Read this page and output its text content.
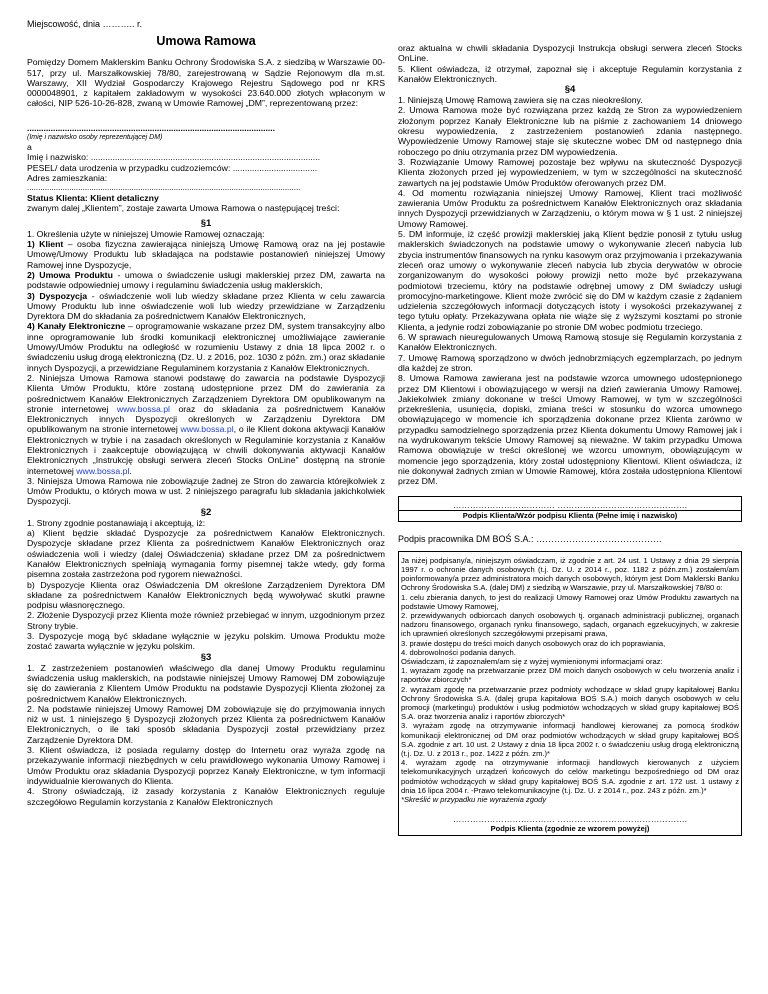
Miejscowość, dnia ……….. r.

Umowa Ramowa

Pomiędzy Domem Maklerskim Banku Ochrony Środowiska S.A. z siedzibą w Warszawie 00-517, przy ul. Marszałkowskiej 78/80, zarejestrowaną w Sądzie Rejonowym dla m.st. Warszawy, XII Wydział Gospodarczy Krajowego Rejestru Sądowego pod nr KRS 0000048901, z kapitałem zakładowym w wysokości 23.640.000 złotych wpłaconym w całości, NIP 526-10-26-828, zwaną w Umowie Ramowej „DM”, reprezentowaną przez:

.........................................................................................................

(Imię i nazwisko osoby reprezentującej DM)

a

Imię i nazwisko: ...............................................................................................

PESEL/ data urodzenia w przypadku cudzoziemców: ...................................

Adres zamieszkania:

...........................................................................................................................

Status Klienta: Klient detaliczny

zwanym dalej „Klientem”, zostaje zawarta Umowa Ramowa o następującej treści:

§1

1. Określenia użyte w niniejszej Umowie Ramowej oznaczają:

1) Klient – osoba fizyczna zawierająca niniejszą Umowę Ramową oraz na jej postawie Umowę/Umowy Produktu lub składająca na podstawie postanowień niniejszej Umowy Ramowej inne Dyspozycje,

2) Umowa Produktu - umowa o świadczenie usługi maklerskiej przez DM, zawarta na podstawie odpowiedniej umowy i regulaminu świadczenia usług maklerskich,

3) Dyspozycja - oświadczenie woli lub wiedzy składane przez Klienta w celu zawarcia Umowy Produktu lub inne oświadczenie woli lub wiedzy przewidziane w Zarządzeniu Dyrektora DM do składania za pośrednictwem Kanałów Elektronicznych,

4) Kanały Elektroniczne – oprogramowanie wskazane przez DM, system transakcyjny albo inne oprogramowanie lub środki komunikacji elektronicznej umożliwiające zawieranie Umowy/Umów Produktu na odległość w rozumieniu Ustawy z dnia 18 lipca 2002 r. o świadczeniu usług drogą elektroniczną (Dz. U. z 2016, poz. 1030 z późn. zm.) oraz składanie innych Dyspozycji, a przewidziane Regulaminem korzystania z Kanałów Elektronicznych.

2. Niniejsza Umowa Ramowa stanowi podstawę do zawarcia na podstawie Dyspozycji Klienta Umów Produktu, które zostaną udostępnione przez DM do zawierania za pośrednictwem Kanałów Elektronicznych Zarządzeniem Dyrektora DM opublikowanym na stronie internetowej www.bossa.pl oraz do składania za pośrednictwem Kanałów Elektronicznych innych Dyspozycji określonych w Zarządzeniu Dyrektora DM opublikowanym na stronie internetowej www.bossa.pl, o ile Klient dokona aktywacji Kanałów Elektronicznych w trybie i na zasadach określonych w Regulaminie korzystania z Kanałów Elektronicznych i zaakceptuje obowiązującą w chwili dokonywania aktywacji Kanałów Elektronicznych „Instrukcję obsługi serwera zleceń Stocks OnLine” dostępną na stronie internetowej www.bossa.pl.

3. Niniejsza Umowa Ramowa nie zobowiązuje żadnej ze Stron do zawarcia którejkolwiek z Umów Produktu, o których mowa w ust. 2 niniejszego paragrafu lub składania jakichkolwiek Dyspozycji.

§2

1. Strony zgodnie postanawiają i akceptują, iż:

a) Klient będzie składać Dyspozycje za pośrednictwem Kanałów Elektronicznych. Dyspozycje składane przez Klienta za pośrednictwem Kanałów Elektronicznych oraz oświadczenia woli i wiedzy (dalej Oświadczenia) składane przez DM za pośrednictwem Kanałów Elektronicznych spełniają wymagania formy pisemnej także wtedy, gdy forma pisemna została zastrzeżona pod rygorem nieważności.

b) Dyspozycje Klienta oraz Oświadczenia DM określone Zarządzeniem Dyrektora DM składane za pośrednictwem Kanałów Elektronicznych będą wywoływać skutki prawne podpisu własnoręcznego.

2. Złożenie Dyspozycji przez Klienta może również przebiegać w innym, uzgodnionym przez Strony trybie.

3. Dyspozycje mogą być składane wyłącznie w języku polskim. Umowa Produktu może zostać zawarta wyłącznie w języku polskim.

§3

1. Z zastrzeżeniem postanowień właściwego dla danej Umowy Produktu regulaminu świadczenia usług maklerskich, na podstawie niniejszej Umowy Ramowej DM zobowiązuje się do zawierania z Klientem Umów Produktu na podstawie Dyspozycji Klienta złożonej za pośrednictwem Kanałów Elektronicznych.

2. Na podstawie niniejszej Umowy Ramowej DM zobowiązuje się do przyjmowania innych niż w ust. 1 niniejszego § Dyspozycji złożonych przez Klienta za pośrednictwem Kanałów Elektronicznych, o ile taki sposób składania Dyspozycji został przewidziany przez Zarządzenie Dyrektora DM.

3. Klient oświadcza, iż posiada regularny dostęp do Internetu oraz wyraża zgodę na przekazywanie informacji niezbędnych w celu prawidłowego wykonania Umowy Ramowej i Umów Produktu oraz składania Dyspozycji poprzez Kanały Elektroniczne, w tym informacji indywidualnie kierowanych do Klienta.

4. Strony oświadczają, iż zasady korzystania z Kanałów Elektronicznych reguluje szczegółowo Regulamin korzystania z Kanałów Elektronicznych

oraz aktualna w chwili składania Dyspozycji Instrukcja obsługi serwera zleceń Stocks OnLine.

5. Klient oświadcza, iż otrzymał, zapoznał się i akceptuje Regulamin korzystania z Kanałów Elektronicznych.

§4

1. Niniejszą Umowę Ramową zawiera się na czas nieokreślony.

2. Umowa Ramowa może być rozwiązana przez każdą ze Stron za wypowiedzeniem złożonym poprzez Kanały Elektroniczne lub na piśmie z zachowaniem 14 dniowego okresu wypowiedzenia, z zastrzeżeniem postanowień zdania następnego. Wypowiedzenie Umowy Ramowej staje się skuteczne wobec DM od następnego dnia roboczego po dniu otrzymania przez DM wypowiedzenia.

3. Rozwiązanie Umowy Ramowej pozostaje bez wpływu na skuteczność Dyspozycji Klienta złożonych przed jej wypowiedzeniem, w tym w szczególności na skuteczność zawartych na jej podstawie Umów Produktów oferowanych przez DM.

4. Od momentu rozwiązania niniejszej Umowy Ramowej, Klient traci możliwość zawierania Umów Produktu za pośrednictwem Kanałów Elektronicznych oraz składania innych Dyspozycji przewidzianych w Zarządzeniu, o którym mowa w § 1 ust. 2 niniejszej Umowy Ramowej.

5. DM informuje, iż część prowizji maklerskiej jaką Klient będzie ponosił z tytułu usług maklerskich świadczonych na podstawie umowy o wykonywanie zleceń nabycia lub zbycia instrumentów finansowych na rynku kasowym oraz przyjmowania i przekazywania zleceń oraz umowy o wykonywanie zleceń nabycia lub zbycia derywatów w obrocie zorganizowanym do wysokości połowy prowizji netto może być przekazywana podmiotowi trzeciemu, który na podstawie odrębnej umowy z DM świadczy usługi promocyjno-marketingowe. Klient może zwrócić się do DM w każdym czasie z żądaniem udzielenia szczegółowych informacji dotyczących istoty i wysokości przekazywanej z tego tytułu opłaty. Przekazywana opłata nie wiąże się z wyższymi kosztami po stronie Klienta, a jedynie rodzi zobowiązanie po stronie DM wobec podmiotu trzeciego.

6. W sprawach nieuregulowanych Umową Ramową stosuje się Regulamin korzystania z Kanałów Elektronicznych.

7. Umowę Ramową sporządzono w dwóch jednobrzmiących egzemplarzach, po jednym dla każdej ze stron.

8. Umowa Ramowa zawierana jest na podstawie wzorca umownego udostępnionego przez DM Klientowi i obowiązującego w wersji na dzień zawierania Umowy Ramowej. Jakiekolwiek zmiany dokonane w treści Umowy Ramowej, w tym w szczególności przekreślenia, usunięcia, dopiski, zmiana treści w stosunku do wzorca umownego obowiązującego w momencie ich sporządzenia dokonane przez Klienta zarówno w przypadku samodzielnego sporządzenia przez Klienta dokumentu Umowy Ramowej jak i na wydrukowanym tekście Umowy Ramowej są nieważne. W takim przypadku Umowa Ramowa obowiązuje w treści określonej we wzorcu umownym, obowiązującym w momencie jego sporządzenia, który został udostępniony Klientowi. Klient oświadcza, iż nie dokonywał żadnych zmian w Umowie Ramowej, która została udostępniona Klientowi przez DM.

……………………………… ……………………………………….

Podpis Klienta/Wzór podpisu Klienta (Pełne imię i nazwisko)

Podpis pracownika DM BOŚ S.A.: ……………………………………

Ja niżej podpisany/a, niniejszym oświadczam, iż zgodnie z art. 24 ust. 1 Ustawy z dnia 29 sierpnia 1997 r. o ochronie danych osobowych (t.j. Dz. U. z 2014 r., poz. 1182 z późn.zm.) zostałem/am poinformowany/a przez administratora moich danych osobowych, którym jest Dom Maklerski Banku Ochrony Środowiska S.A. (dalej DM) z siedzibą w Warszawie, przy ul. Marszałkowskiej 78/80 o:

1. celu zbierania danych, to jest do realizacji Umowy Ramowej oraz Umów Produktu zawartych na podstawie Umowy Ramowej,

2. przewidywanych odbiorcach danych osobowych tj. organach administracji publicznej, organach nadzoru finansowego, organach rynku finansowego, sądach, organach egzekucyjnych, w zakresie ich uprawnień określonych szczegółowymi przepisami prawa,

3. prawie dostępu do treści moich danych osobowych oraz do ich poprawiania,

4. dobrowolności podania danych.

Oświadczam, iż zapoznałem/am się z wyżej wymienionymi informacjami oraz:

1. wyrażam zgodę na przetwarzanie przez DM moich danych osobowych w celu tworzenia analiz i raportów zbiorczych*

2. wyrażam zgodę na przetwarzanie przez podmioty wchodzące w skład grupy kapitałowej Banku Ochrony Środowiska S.A. (dalej grupa kapitałowa BOŚ S.A.) moich danych osobowych w celu promocji (marketingu) produktów i usług podmiotów wchodzących w skład grupy kapitałowej BOŚ S.A. oraz tworzenia analiz i raportów zbiorczych*

3. wyrażam zgodę na otrzymywanie informacji handlowej kierowanej za pomocą środków komunikacji elektronicznej od DM oraz podmiotów wchodzących w skład grupy kapitałowej BOŚ S.A. zgodnie z art. 10 ust. 2 Ustawy z dnia 18 lipca 2002 r. o świadczeniu usług drogą elektroniczną (t.j. Dz. U. z 2013 r., poz. 1422 z późn. zm.)*

4. wyrażam zgodę na otrzymywanie informacji handlowych kierowanych z użyciem telekomunikacyjnych urządzeń końcowych do celów marketingu bezpośredniego od DM oraz podmiotów wchodzących w skład grupy kapitałowej BOŚ S.A. zgodnie z art. 172 ust. 1 ustawy z dnia 16 lipca 2004 r. -Prawo telekomunikacyjne (t.j. Dz. U. z 2014 r., poz. 243 z późn. zm.)*

*Skreślić w przypadku nie wyrażenia zgody

……………………………… ……………………………………….

Podpis Klienta (zgodnie ze wzorem powyżej)
